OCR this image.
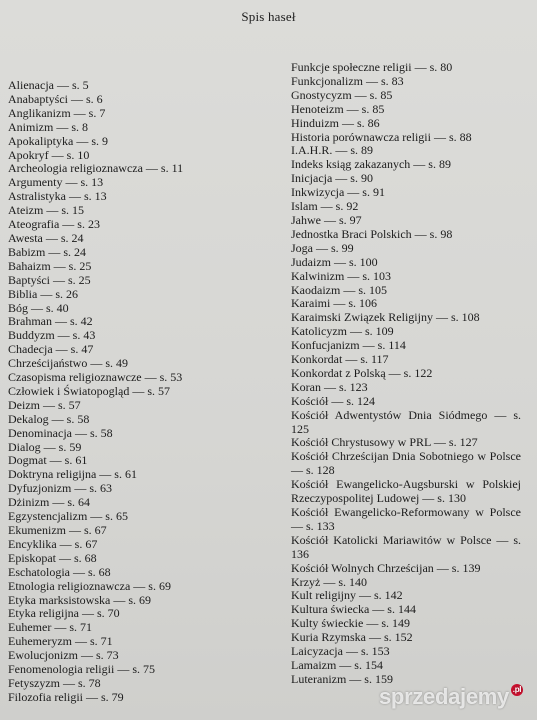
Spis haseł
Alienacja — s. 5
Anabaptyści — s. 6
Anglikanizm — s. 7
Animizm — s. 8
Apokaliptyka — s. 9
Apokryf — s. 10
Archeologia religioznawcza — s. 11
Argumenty — s. 13
Astralistyka — s. 13
Ateizm — s. 15
Ateografia — s. 23
Awesta — s. 24
Babizm — s. 24
Bahaizm — s. 25
Baptyści — s. 25
Biblia — s. 26
Bóg — s. 40
Brahman — s. 42
Buddyzm — s. 43
Chadecja — s. 47
Chrześcijaństwo — s. 49
Czasopisma religioznawcze — s. 53
Człowiek i Światopogląd — s. 57
Deizm — s. 57
Dekalog — s. 58
Denominacja — s. 58
Dialog — s. 59
Dogmat — s. 61
Doktryna religijna — s. 61
Dyfuzjonizm — s. 63
Dżinizm — s. 64
Egzystencjalizm — s. 65
Ekumenizm — s. 67
Encyklika — s. 67
Episkopat — s. 68
Eschatologia — s. 68
Etnologia religioznawcza — s. 69
Etyka marksistowska — s. 69
Etyka religijna — s. 70
Euhemer — s. 71
Euhemeryzm — s. 71
Ewolucjonizm — s. 73
Fenomenologia religii — s. 75
Fetyszyzm — s. 78
Filozofia religii — s. 79
Funkcje społeczne religii — s. 80
Funkcjonalizm — s. 83
Gnostycyzm — s. 85
Henoteizm — s. 85
Hinduizm — s. 86
Historia porównawcza religii — s. 88
I.A.H.R. — s. 89
Indeks ksiąg zakazanych — s. 89
Inicjacja — s. 90
Inkwizycja — s. 91
Islam — s. 92
Jahwe — s. 97
Jednostka Braci Polskich — s. 98
Joga — s. 99
Judaizm — s. 100
Kalwinizm — s. 103
Kaodaizm — s. 105
Karaimi — s. 106
Karaimski Związek Religijny — s. 108
Katolicyzm — s. 109
Konfucjanizm — s. 114
Konkordat — s. 117
Konkordat z Polską — s. 122
Koran — s. 123
Kościół — s. 124
Kościół Adwentystów Dnia Siódmego — s. 125
Kościół Chrystusowy w PRL — s. 127
Kościół Chrześcijan Dnia Sobotniego w Polsce — s. 128
Kościół Ewangelicko-Augsburski w Polskiej Rzeczypospolitej Ludowej — s. 130
Kościół Ewangelicko-Reformowany w Polsce — s. 133
Kościół Katolicki Mariawitów w Polsce — s. 136
Kościół Wolnych Chrześcijan — s. 139
Krzyż — s. 140
Kult religijny — s. 142
Kultura świecka — s. 144
Kulty świeckie — s. 149
Kuria Rzymska — s. 152
Laicyzacja — s. 153
Lamaizm — s. 154
Luteranizm — s. 159
sprzedajemy .pl
